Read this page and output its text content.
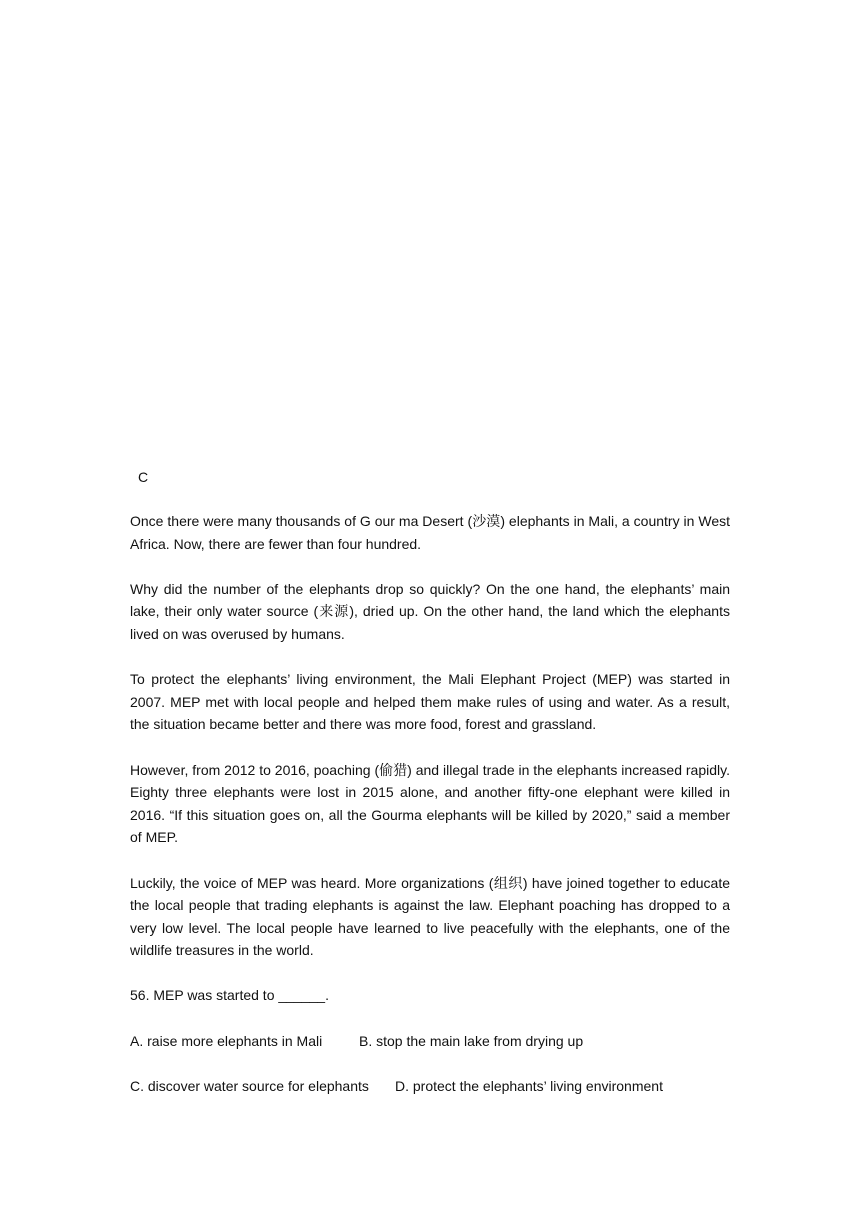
C

Once there were many thousands of G our ma Desert (沙漠) elephants in Mali, a country in West Africa. Now, there are fewer than four hundred.

Why did the number of the elephants drop so quickly? On the one hand, the elephants’ main lake, their only water source (来源), dried up. On the other hand, the land which the elephants lived on was overused by humans.

To protect the elephants’ living environment, the Mali Elephant Project (MEP) was started in 2007. MEP met with local people and helped them make rules of using and water. As a result, the situation became better and there was more food, forest and grassland.

However, from 2012 to 2016, poaching (偷猎) and illegal trade in the elephants increased rapidly. Eighty three elephants were lost in 2015 alone, and another fifty-one elephant were killed in 2016. “If this situation goes on, all the Gourma elephants will be killed by 2020,” said a member of MEP.

Luckily, the voice of MEP was heard. More organizations (组织) have joined together to educate the local people that trading elephants is against the law. Elephant poaching has dropped to a very low level. The local people have learned to live peacefully with the elephants, one of the wildlife treasures in the world.

56. MEP was started to ______.

A. raise more elephants in Mali	B. stop the main lake from drying up
C. discover water source for elephants D. protect the elephants’ living environment
